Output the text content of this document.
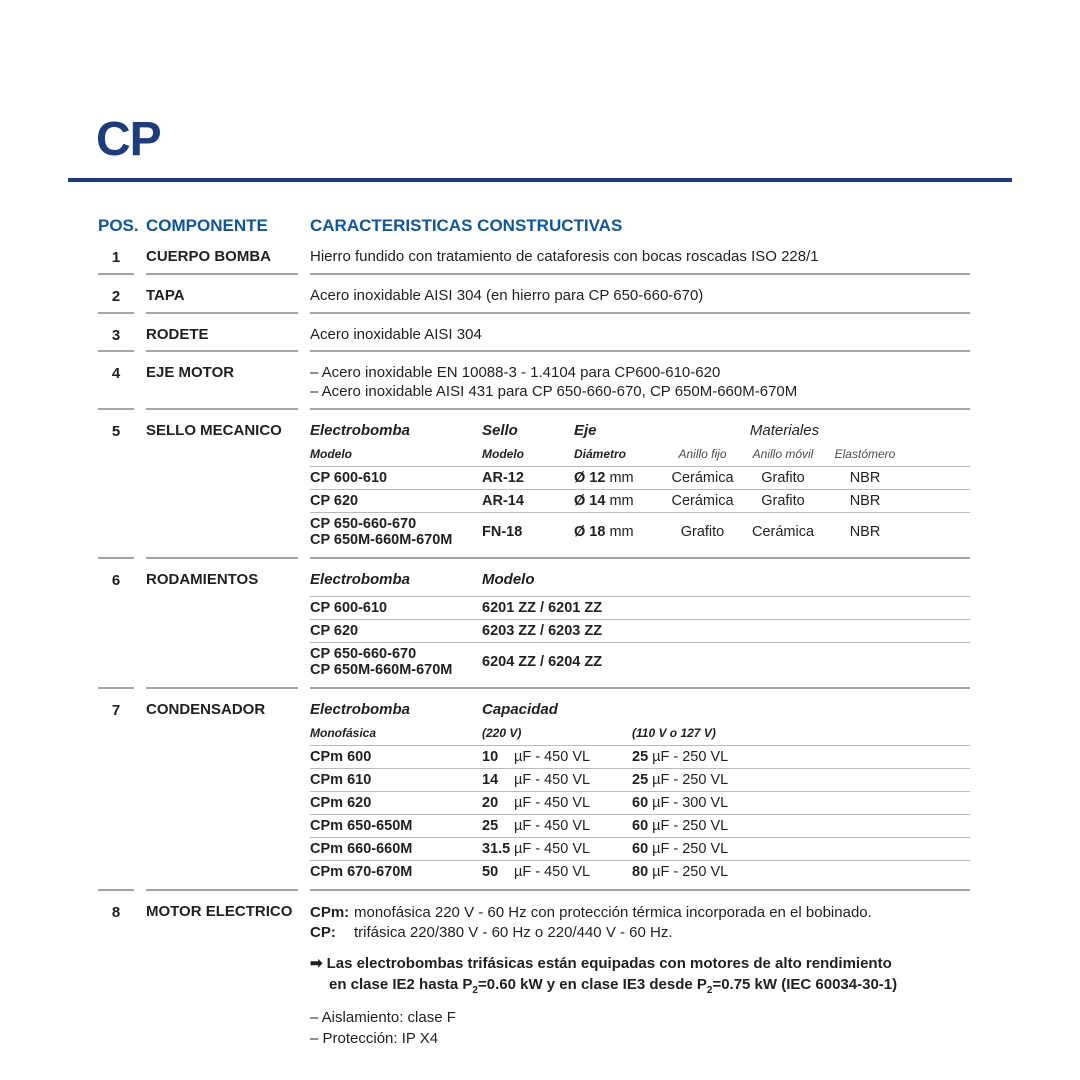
CP
POS. COMPONENTE	CARACTERISTICAS CONSTRUCTIVAS
1	CUERPO BOMBA	Hierro fundido con tratamiento de cataforesis con bocas roscadas ISO 228/1
2	TAPA	Acero inoxidable AISI 304 (en hierro para CP 650-660-670)
3	RODETE	Acero inoxidable AISI 304
4	EJE MOTOR	– Acero inoxidable EN 10088-3 - 1.4104 para CP600-610-620
– Acero inoxidable AISI 431 para CP 650-660-670, CP 650M-660M-670M
5	SELLO MECANICO	Electrobomba	Sello	Eje	Materiales
Modelo	Modelo	Diámetro	Anillo fijo	Anillo móvil	Elastómero
CP 600-610	AR-12	Ø 12 mm	Cerámica	Grafito	NBR
CP 620	AR-14	Ø 14 mm	Cerámica	Grafito	NBR
CP 650-660-670
CP 650M-660M-670M	FN-18	Ø 18 mm	Grafito	Cerámica	NBR
6	RODAMIENTOS	Electrobomba	Modelo
CP 600-610	6201 ZZ / 6201 ZZ
CP 620	6203 ZZ / 6203 ZZ
CP 650-660-670
CP 650M-660M-670M	6204 ZZ / 6204 ZZ
7	CONDENSADOR	Electrobomba	Capacidad
Monofásica	(220 V)	(110 V o 127 V)
CPm 600	10 µF - 450 VL	25 µF - 250 VL
CPm 610	14 µF - 450 VL	25 µF - 250 VL
CPm 620	20 µF - 450 VL	60 µF - 300 VL
CPm 650-650M	25 µF - 450 VL	60 µF - 250 VL
CPm 660-660M	31.5 µF - 450 VL	60 µF - 250 VL
CPm 670-670M	50 µF - 450 VL	80 µF - 250 VL
8	MOTOR ELECTRICO	CPm: monofásica 220 V - 60 Hz con protección térmica incorporada en el bobinado.
CP:	trifásica 220/380 V - 60 Hz o 220/440 V - 60 Hz.
➡ Las electrobombas trifásicas están equipadas con motores de alto rendimiento
en clase IE2 hasta $P_2=0.60$ kW y en clase IE3 desde $P_2=0.75$ kW (IEC 60034-30-1)
– Aislamiento: clase F
– Protección: IP X4
